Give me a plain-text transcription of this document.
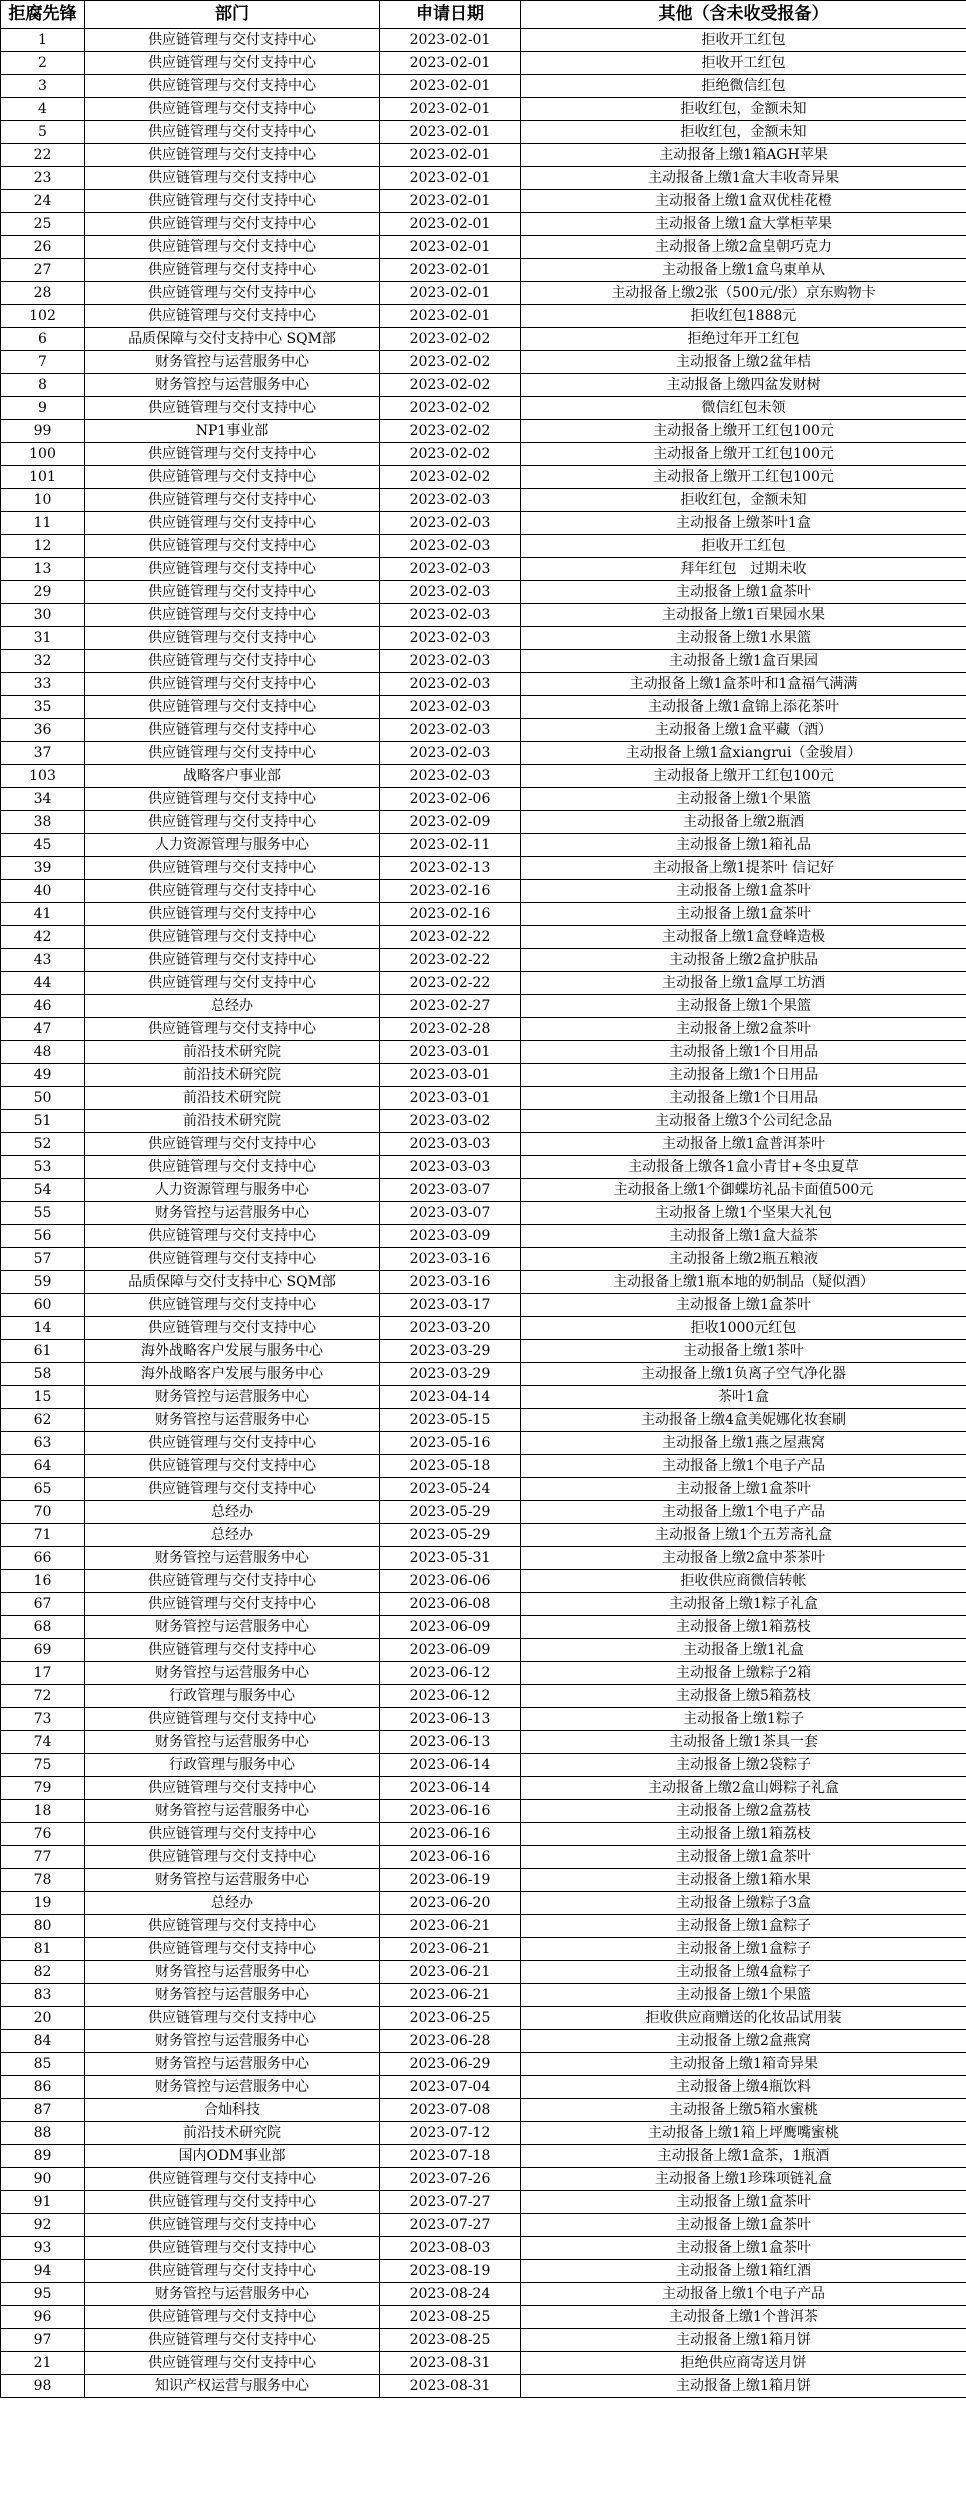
拒腐先锋	部门	申请日期	其他（含未收受报备）
1	供应链管理与交付支持中心	2023-02-01	拒收开工红包
2	供应链管理与交付支持中心	2023-02-01	拒收开工红包
3	供应链管理与交付支持中心	2023-02-01	拒绝微信红包
4	供应链管理与交付支持中心	2023-02-01	拒收红包，金额未知
5	供应链管理与交付支持中心	2023-02-01	拒收红包，金额未知
22	供应链管理与交付支持中心	2023-02-01	主动报备上缴1箱AGH苹果
23	供应链管理与交付支持中心	2023-02-01	主动报备上缴1盒大丰收奇异果
24	供应链管理与交付支持中心	2023-02-01	主动报备上缴1盒双优桂花橙
25	供应链管理与交付支持中心	2023-02-01	主动报备上缴1盒大掌柜苹果
26	供应链管理与交付支持中心	2023-02-01	主动报备上缴2盒皇朝巧克力
27	供应链管理与交付支持中心	2023-02-01	主动报备上缴1盒乌東单从
28	供应链管理与交付支持中心	2023-02-01	主动报备上缴2张（500元/张）京东购物卡
102	供应链管理与交付支持中心	2023-02-01	拒收红包1888元
6	品质保障与交付支持中心 SQM部	2023-02-02	拒绝过年开工红包
7	财务管控与运营服务中心	2023-02-02	主动报备上缴2盆年桔
8	财务管控与运营服务中心	2023-02-02	主动报备上缴四盆发财树
9	供应链管理与交付支持中心	2023-02-02	微信红包未领
99	NP1事业部	2023-02-02	主动报备上缴开工红包100元
100	供应链管理与交付支持中心	2023-02-02	主动报备上缴开工红包100元
101	供应链管理与交付支持中心	2023-02-02	主动报备上缴开工红包100元
10	供应链管理与交付支持中心	2023-02-03	拒收红包，金额未知
11	供应链管理与交付支持中心	2023-02-03	主动报备上缴茶叶1盒
12	供应链管理与交付支持中心	2023-02-03	拒收开工红包
13	供应链管理与交付支持中心	2023-02-03	拜年红包　过期未收
29	供应链管理与交付支持中心	2023-02-03	主动报备上缴1盒茶叶
30	供应链管理与交付支持中心	2023-02-03	主动报备上缴1百果园水果
31	供应链管理与交付支持中心	2023-02-03	主动报备上缴1水果篮
32	供应链管理与交付支持中心	2023-02-03	主动报备上缴1盒百果园
33	供应链管理与交付支持中心	2023-02-03	主动报备上缴1盒茶叶和1盒福气满满
35	供应链管理与交付支持中心	2023-02-03	主动报备上缴1盒锦上添花茶叶
36	供应链管理与交付支持中心	2023-02-03	主动报备上缴1盒平藏（酒）
37	供应链管理与交付支持中心	2023-02-03	主动报备上缴1盒xiangrui（金骏眉）
103	战略客户事业部	2023-02-03	主动报备上缴开工红包100元
34	供应链管理与交付支持中心	2023-02-06	主动报备上缴1个果篮
38	供应链管理与交付支持中心	2023-02-09	主动报备上缴2瓶酒
45	人力资源管理与服务中心	2023-02-11	主动报备上缴1箱礼品
39	供应链管理与交付支持中心	2023-02-13	主动报备上缴1提茶叶 信记好
40	供应链管理与交付支持中心	2023-02-16	主动报备上缴1盒茶叶
41	供应链管理与交付支持中心	2023-02-16	主动报备上缴1盒茶叶
42	供应链管理与交付支持中心	2023-02-22	主动报备上缴1盒登峰造极
43	供应链管理与交付支持中心	2023-02-22	主动报备上缴2盒护肤品
44	供应链管理与交付支持中心	2023-02-22	主动报备上缴1盒厚工坊酒
46	总经办	2023-02-27	主动报备上缴1个果篮
47	供应链管理与交付支持中心	2023-02-28	主动报备上缴2盒茶叶
48	前沿技术研究院	2023-03-01	主动报备上缴1个日用品
49	前沿技术研究院	2023-03-01	主动报备上缴1个日用品
50	前沿技术研究院	2023-03-01	主动报备上缴1个日用品
51	前沿技术研究院	2023-03-02	主动报备上缴3个公司纪念品
52	供应链管理与交付支持中心	2023-03-03	主动报备上缴1盒普洱茶叶
53	供应链管理与交付支持中心	2023-03-03	主动报备上缴各1盒小青甘+冬虫夏草
54	人力资源管理与服务中心	2023-03-07	主动报备上缴1个御蝶坊礼品卡面值500元
55	财务管控与运营服务中心	2023-03-07	主动报备上缴1个坚果大礼包
56	供应链管理与交付支持中心	2023-03-09	主动报备上缴1盒大益茶
57	供应链管理与交付支持中心	2023-03-16	主动报备上缴2瓶五粮液
59	品质保障与交付支持中心 SQM部	2023-03-16	主动报备上缴1瓶本地的奶制品（疑似酒）
60	供应链管理与交付支持中心	2023-03-17	主动报备上缴1盒茶叶
14	供应链管理与交付支持中心	2023-03-20	拒收1000元红包
61	海外战略客户发展与服务中心	2023-03-29	主动报备上缴1茶叶
58	海外战略客户发展与服务中心	2023-03-29	主动报备上缴1负离子空气净化器
15	财务管控与运营服务中心	2023-04-14	茶叶1盒
62	财务管控与运营服务中心	2023-05-15	主动报备上缴4盒美妮娜化妆套刷
63	供应链管理与交付支持中心	2023-05-16	主动报备上缴1燕之屋燕窝
64	供应链管理与交付支持中心	2023-05-18	主动报备上缴1个电子产品
65	供应链管理与交付支持中心	2023-05-24	主动报备上缴1盒茶叶
70	总经办	2023-05-29	主动报备上缴1个电子产品
71	总经办	2023-05-29	主动报备上缴1个五芳斋礼盒
66	财务管控与运营服务中心	2023-05-31	主动报备上缴2盒中茶茶叶
16	供应链管理与交付支持中心	2023-06-06	拒收供应商微信转帐
67	供应链管理与交付支持中心	2023-06-08	主动报备上缴1粽子礼盒
68	财务管控与运营服务中心	2023-06-09	主动报备上缴1箱荔枝
69	供应链管理与交付支持中心	2023-06-09	主动报备上缴1礼盒
17	财务管控与运营服务中心	2023-06-12	主动报备上缴粽子2箱
72	行政管理与服务中心	2023-06-12	主动报备上缴5箱荔枝
73	供应链管理与交付支持中心	2023-06-13	主动报备上缴1粽子
74	财务管控与运营服务中心	2023-06-13	主动报备上缴1茶具一套
75	行政管理与服务中心	2023-06-14	主动报备上缴2袋粽子
79	供应链管理与交付支持中心	2023-06-14	主动报备上缴2盒山姆粽子礼盒
18	财务管控与运营服务中心	2023-06-16	主动报备上缴2盒荔枝
76	供应链管理与交付支持中心	2023-06-16	主动报备上缴1箱荔枝
77	供应链管理与交付支持中心	2023-06-16	主动报备上缴1盒茶叶
78	财务管控与运营服务中心	2023-06-19	主动报备上缴1箱水果
19	总经办	2023-06-20	主动报备上缴粽子3盒
80	供应链管理与交付支持中心	2023-06-21	主动报备上缴1盒粽子
81	供应链管理与交付支持中心	2023-06-21	主动报备上缴1盒粽子
82	财务管控与运营服务中心	2023-06-21	主动报备上缴4盒粽子
83	财务管控与运营服务中心	2023-06-21	主动报备上缴1个果篮
20	供应链管理与交付支持中心	2023-06-25	拒收供应商赠送的化妆品试用装
84	财务管控与运营服务中心	2023-06-28	主动报备上缴2盒燕窝
85	财务管控与运营服务中心	2023-06-29	主动报备上缴1箱奇异果
86	财务管控与运营服务中心	2023-07-04	主动报备上缴4瓶饮料
87	合灿科技	2023-07-08	主动报备上缴5箱水蜜桃
88	前沿技术研究院	2023-07-12	主动报备上缴1箱上坪鹰嘴蜜桃
89	国内ODM事业部	2023-07-18	主动报备上缴1盒茶，1瓶酒
90	供应链管理与交付支持中心	2023-07-26	主动报备上缴1珍珠项链礼盒
91	供应链管理与交付支持中心	2023-07-27	主动报备上缴1盒茶叶
92	供应链管理与交付支持中心	2023-07-27	主动报备上缴1盒茶叶
93	供应链管理与交付支持中心	2023-08-03	主动报备上缴1盒茶叶
94	供应链管理与交付支持中心	2023-08-19	主动报备上缴1箱红酒
95	财务管控与运营服务中心	2023-08-24	主动报备上缴1个电子产品
96	供应链管理与交付支持中心	2023-08-25	主动报备上缴1个普洱茶
97	供应链管理与交付支持中心	2023-08-25	主动报备上缴1箱月饼
21	供应链管理与交付支持中心	2023-08-31	拒绝供应商寄送月饼
98	知识产权运营与服务中心	2023-08-31	主动报备上缴1箱月饼
